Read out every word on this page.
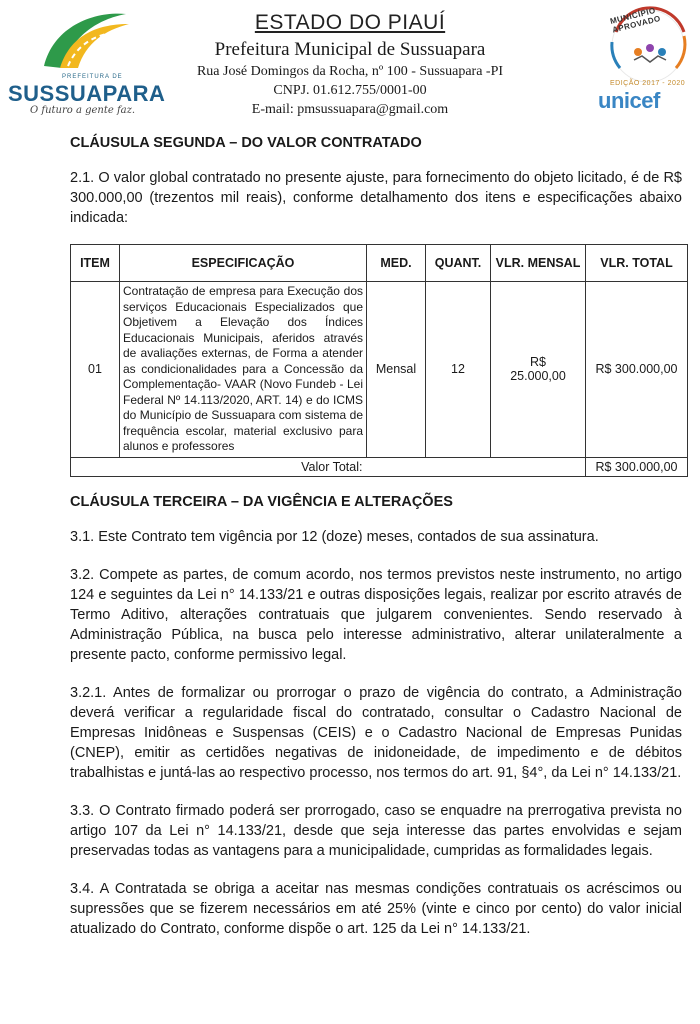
PREFEITURA DE
SUSSUAPARA
O futuro a gente faz.

ESTADO DO PIAUÍ

Prefeitura Municipal de Sussuapara

Rua José Domingos da Rocha, nº 100 - Sussuapara -PI

CNPJ. 01.612.755/0001-00

E-mail: pmsussuapara@gmail.com

MUNICÍPIO APROVADO
EDIÇÃO 2017 - 2020
unicef

CLÁUSULA SEGUNDA – DO VALOR CONTRATADO

2.1. O valor global contratado no presente ajuste, para fornecimento do objeto licitado, é de R$ 300.000,00 (trezentos mil reais), conforme detalhamento dos itens e especificações abaixo indicada:

ITEM	ESPECIFICAÇÃO	MED.	QUANT.	VLR. MENSAL	VLR. TOTAL
01	Contratação de empresa para Execução dos serviços Educacionais Especializados que Objetivem a Elevação dos Índices Educacionais Municipais, aferidos através de avaliações externas, de Forma a atender as condicionalidades para a Concessão da Complementação- VAAR (Novo Fundeb - Lei Federal Nº 14.113/2020, ART. 14) e do ICMS do Município de Sussuapara com sistema de frequência escolar, material exclusivo para alunos e professores	Mensal	12	R$ 25.000,00	R$ 300.000,00
Valor Total:					R$ 300.000,00

CLÁUSULA TERCEIRA – DA VIGÊNCIA E ALTERAÇÕES

3.1. Este Contrato tem vigência por 12 (doze) meses, contados de sua assinatura.

3.2. Compete as partes, de comum acordo, nos termos previstos neste instrumento, no artigo 124 e seguintes da Lei n° 14.133/21 e outras disposições legais, realizar por escrito através de Termo Aditivo, alterações contratuais que julgarem convenientes. Sendo reservado à Administração Pública, na busca pelo interesse administrativo, alterar unilateralmente a presente pacto, conforme permissivo legal.

3.2.1. Antes de formalizar ou prorrogar o prazo de vigência do contrato, a Administração deverá verificar a regularidade fiscal do contratado, consultar o Cadastro Nacional de Empresas Inidôneas e Suspensas (CEIS) e o Cadastro Nacional de Empresas Punidas (CNEP), emitir as certidões negativas de inidoneidade, de impedimento e de débitos trabalhistas e juntá-las ao respectivo processo, nos termos do art. 91, §4°, da Lei n° 14.133/21.

3.3. O Contrato firmado poderá ser prorrogado, caso se enquadre na prerrogativa prevista no artigo 107 da Lei n° 14.133/21, desde que seja interesse das partes envolvidas e sejam preservadas todas as vantagens para a municipalidade, cumpridas as formalidades legais.

3.4. A Contratada se obriga a aceitar nas mesmas condições contratuais os acréscimos ou supressões que se fizerem necessários em até 25% (vinte e cinco por cento) do valor inicial atualizado do Contrato, conforme dispõe o art. 125 da Lei n° 14.133/21.
